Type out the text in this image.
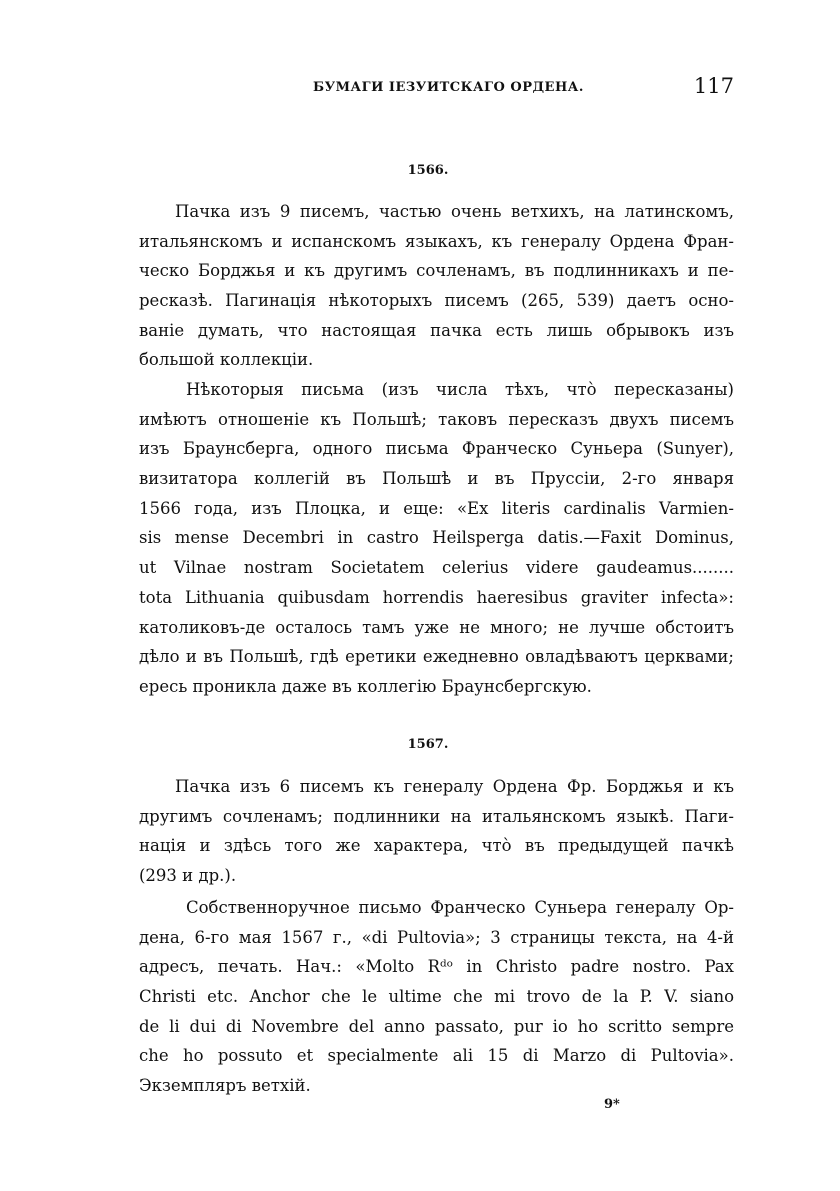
БУМАГИ ІЕЗУИТСКАГО ОРДЕНА.	117
1566.
Пачка изъ 9 писемъ, частью очень ветхихъ, на латинскомъ,
итальянскомъ и испанскомъ языкахъ, къ генералу Ордена Фран-
ческо Борджья и къ другимъ сочленамъ, въ подлинникахъ и пе-
ресказѣ. Пагинація нѣкоторыхъ писемъ (265, 539) даетъ осно-
ваніе думать, что настоящая пачка есть лишь обрывокъ изъ
большой коллекціи.
Нѣкоторыя письма (изъ числа тѣхъ, что̀ пересказаны)
имѣютъ отношеніе къ Польшѣ; таковъ пересказъ двухъ писемъ
изъ Браунсберга, одного письма Франческо Суньера (Sunyer),
визитатора коллегій въ Польшѣ и въ Пруссіи, 2-го января
1566 года, изъ Плоцка, и еще: «Ex literis cardinalis Varmien-
sis mense Decembri in castro Heilsperga datis.—Faxit Dominus,
ut Vilnae nostram Societatem celerius videre gaudeamus........
tota Lithuania quibusdam horrendis haeresibus graviter infecta»:
католиковъ-де осталось тамъ уже не много; не лучше обстоитъ
дѣло и въ Польшѣ, гдѣ еретики ежедневно овладѣваютъ церквами;
ересь проникла даже въ коллегію Браунсбергскую.
1567.
Пачка изъ 6 писемъ къ генералу Ордена Фр. Борджья и къ
другимъ сочленамъ; подлинники на итальянскомъ языкѣ. Паги-
нація и здѣсь того же характера, что̀ въ предыдущей пачкѣ
(293 и др.).
Собственноручное письмо Франческо Суньера генералу Ор-
дена, 6-го мая 1567 г., «di Pultovia»; 3 страницы текста, на 4-й
адресъ, печать. Нач.: «Molto Rᵈᵒ in Christo padre nostro. Pax
Christi etc. Anchor che le ultime che mi trovo de la P. V. siano
de li dui di Novembre del anno passato, pur io ho scritto sempre
che ho possuto et specialmente ali 15 di Marzo di Pultovia».
Экземпляръ ветхій.
9*
